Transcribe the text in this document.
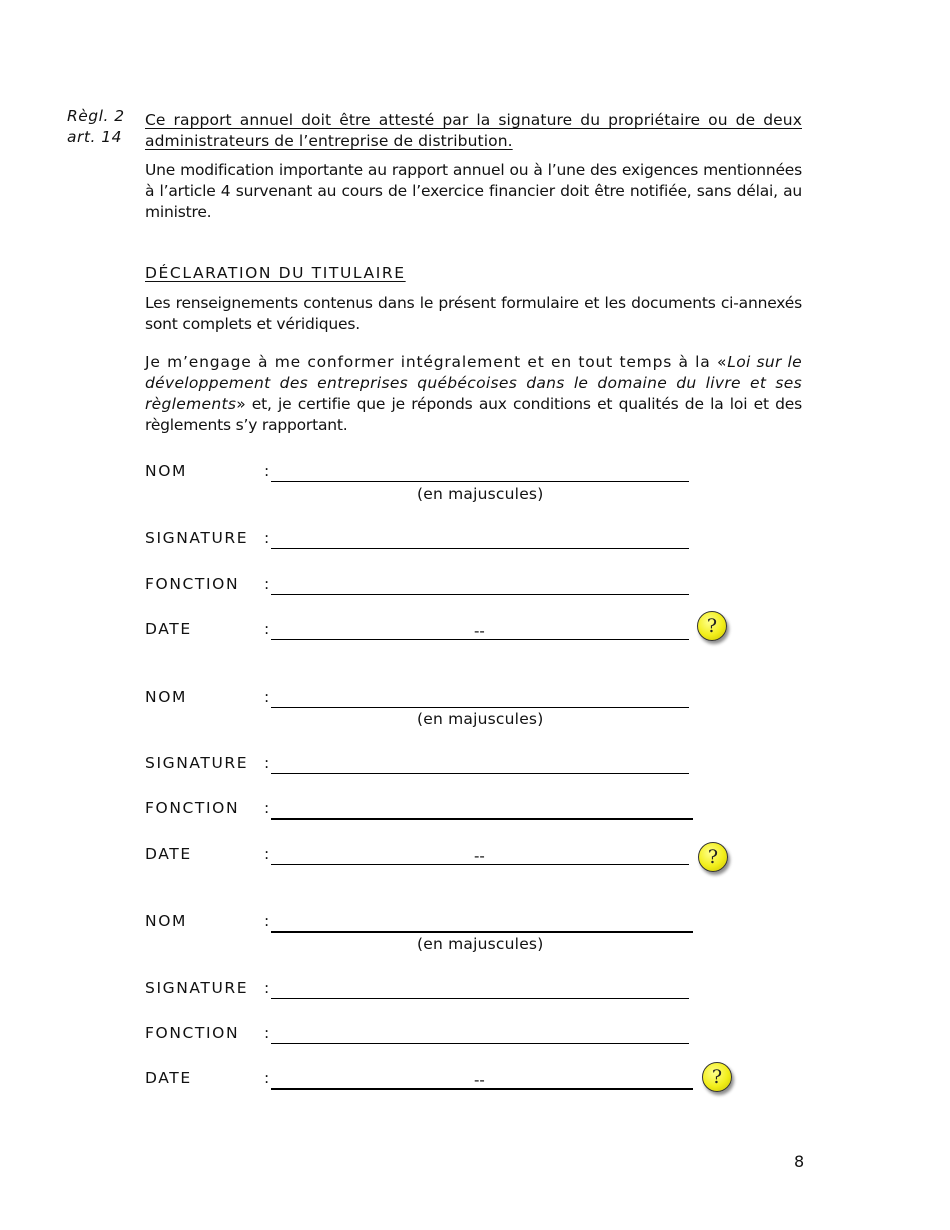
Règl. 2
art. 14

Ce rapport annuel doit être attesté par la signature du propriétaire ou de deux administrateurs de l’entreprise de distribution.

Une modification importante au rapport annuel ou à l’une des exigences mentionnées à l’article 4 survenant au cours de l’exercice financier doit être notifiée, sans délai, au ministre.

DÉCLARATION DU TITULAIRE

Les renseignements contenus dans le présent formulaire et les documents ci-annexés sont complets et véridiques.

Je m’engage à me conformer intégralement et en tout temps à la «Loi sur le développement des entreprises québécoises dans le domaine du livre et ses règlements» et, je certifie que je réponds aux conditions et qualités de la loi et des règlements s’y rapportant.

NOM	:
(en majuscules)
SIGNATURE :
FONCTION :
DATE	:	--	?
NOM	:
(en majuscules)
SIGNATURE :
FONCTION :
DATE	:	--	?
NOM	:
(en majuscules)
SIGNATURE :
FONCTION :
DATE	:	--	?
8
